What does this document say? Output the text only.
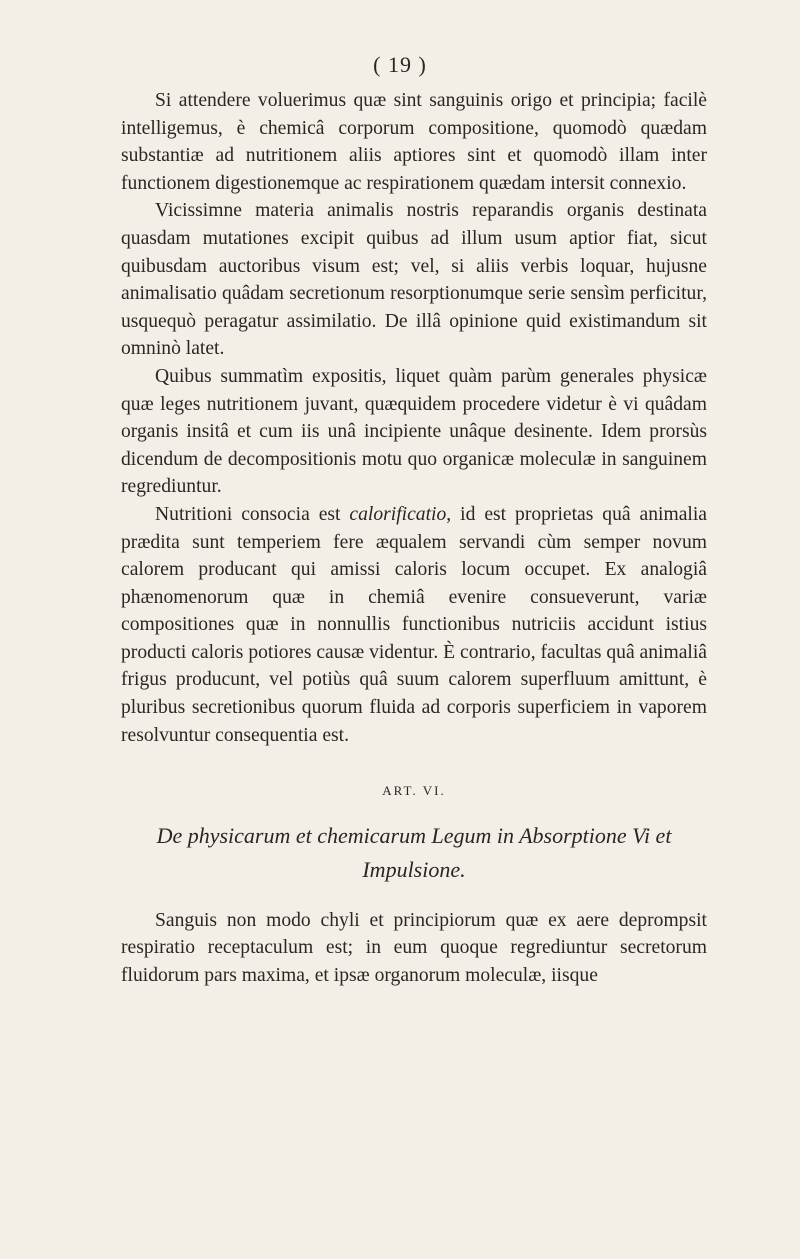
( 19 )

Si attendere voluerimus quæ sint sanguinis origo et principia; facilè intelligemus, è chemicâ corporum compositione, quomodò quædam substantiæ ad nutritionem aliis aptiores sint et quomodò illam inter functionem digestionemque ac respirationem quædam intersit connexio.

Vicissimne materia animalis nostris reparandis organis destinata quasdam mutationes excipit quibus ad illum usum aptior fiat, sicut quibusdam auctoribus visum est; vel, si aliis verbis loquar, hujusne animalisatio quâdam secretionum resorptionumque serie sensìm perficitur, usquequò peragatur assimilatio. De illâ opinione quid existimandum sit omninò latet.

Quibus summatìm expositis, liquet quàm parùm generales physicæ quæ leges nutritionem juvant, quæquidem procedere videtur è vi quâdam organis insitâ et cum iis unâ incipiente unâque desinente. Idem prorsùs dicendum de decompositionis motu quo organicæ moleculæ in sanguinem regrediuntur.

Nutritioni consocia est calorificatio, id est proprietas quâ animalia prædita sunt temperiem fere æqualem servandi cùm semper novum calorem producant qui amissi caloris locum occupet. Ex analogiâ phænomenorum quæ in chemiâ evenire consueverunt, variæ compositiones quæ in nonnullis functionibus nutriciis accidunt istius producti caloris potiores causæ videntur. È contrario, facultas quâ animaliâ frigus producunt, vel potiùs quâ suum calorem superfluum amittunt, è pluribus secretionibus quorum fluida ad corporis superficiem in vaporem resolvuntur consequentia est.

ART. VI.
De physicarum et chemicarum Legum in Absorptione Vi et Impulsione.

Sanguis non modo chyli et principiorum quæ ex aere deprompsit respiratio receptaculum est; in eum quoque regrediuntur secretorum fluidorum pars maxima, et ipsæ organorum moleculæ, iisque
